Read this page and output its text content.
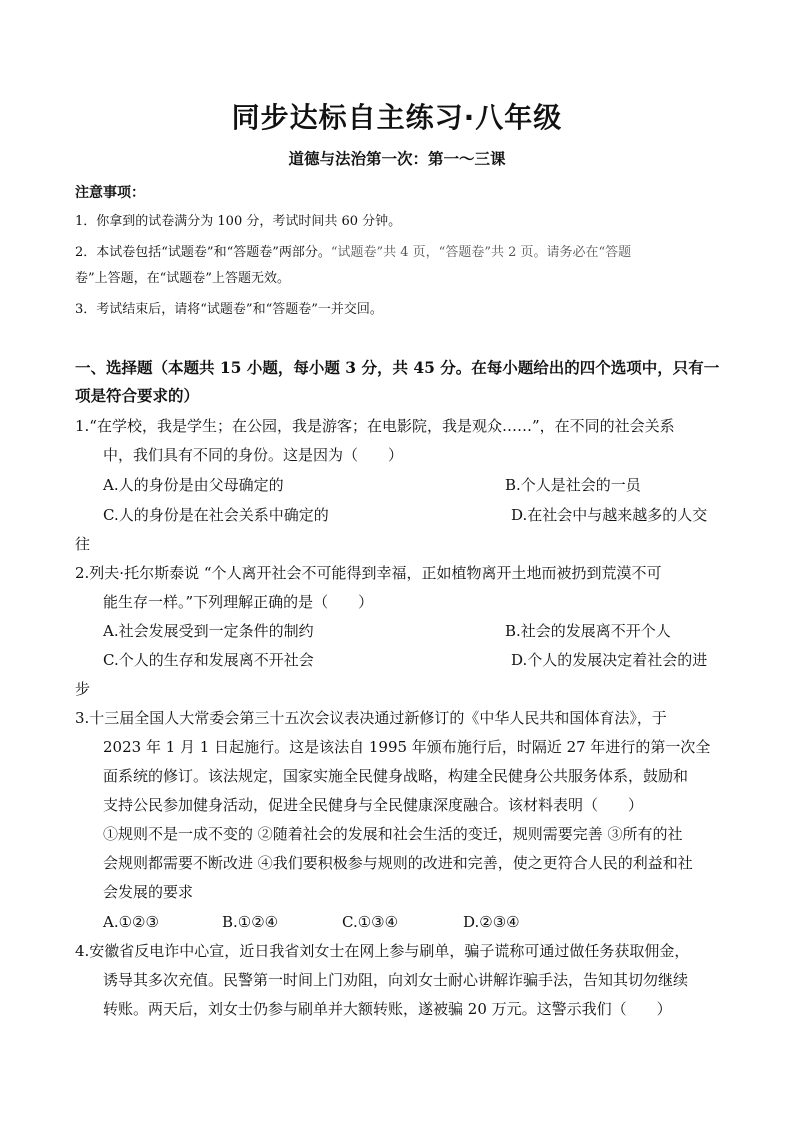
同步达标自主练习·八年级
道德与法治第一次：第一～三课
注意事项：
1．你拿到的试卷满分为 100 分，考试时间共 60 分钟。
2．本试卷包括“试题卷”和“答题卷”两部分。“试题卷”共 4 页，“答题卷”共 2 页。请务必在“答题
卷”上答题，在“试题卷”上答题无效。
3．考试结束后，请将“试题卷”和“答题卷”一并交回。
一、选择题（本题共 15 小题，每小题 3 分，共 45 分。在每小题给出的四个选项中，只有一
项是符合要求的）
1.“在学校，我是学生；在公园，我是游客；在电影院，我是观众……”，在不同的社会关系
中，我们具有不同的身份。这是因为（　　）
A.人的身份是由父母确定的	B.个人是社会的一员
C.人的身份是在社会关系中确定的	D.在社会中与越来越多的人交
往
2.列夫·托尔斯泰说 “个人离开社会不可能得到幸福，正如植物离开土地而被扔到荒漠不可
能生存一样。”下列理解正确的是（　　）
A.社会发展受到一定条件的制约	B.社会的发展离不开个人
C.个人的生存和发展离不开社会	D.个人的发展决定着社会的进
步
3.十三届全国人大常委会第三十五次会议表决通过新修订的《中华人民共和国体育法》，于
2023 年 1 月 1 日起施行。这是该法自 1995 年颁布施行后，时隔近 27 年进行的第一次全
面系统的修订。该法规定，国家实施全民健身战略，构建全民健身公共服务体系，鼓励和
支持公民参加健身活动，促进全民健身与全民健康深度融合。该材料表明（　　）
①规则不是一成不变的 ②随着社会的发展和社会生活的变迁，规则需要完善 ③所有的社
会规则都需要不断改进 ④我们要积极参与规则的改进和完善，使之更符合人民的利益和社
会发展的要求
A.①②③	B.①②④	C.①③④	D.②③④
4.安徽省反电诈中心宣，近日我省刘女士在网上参与刷单，骗子谎称可通过做任务获取佣金，
诱导其多次充值。民警第一时间上门劝阻，向刘女士耐心讲解诈骗手法，告知其切勿继续
转账。两天后，刘女士仍参与刷单并大额转账，遂被骗 20 万元。这警示我们（　　）
